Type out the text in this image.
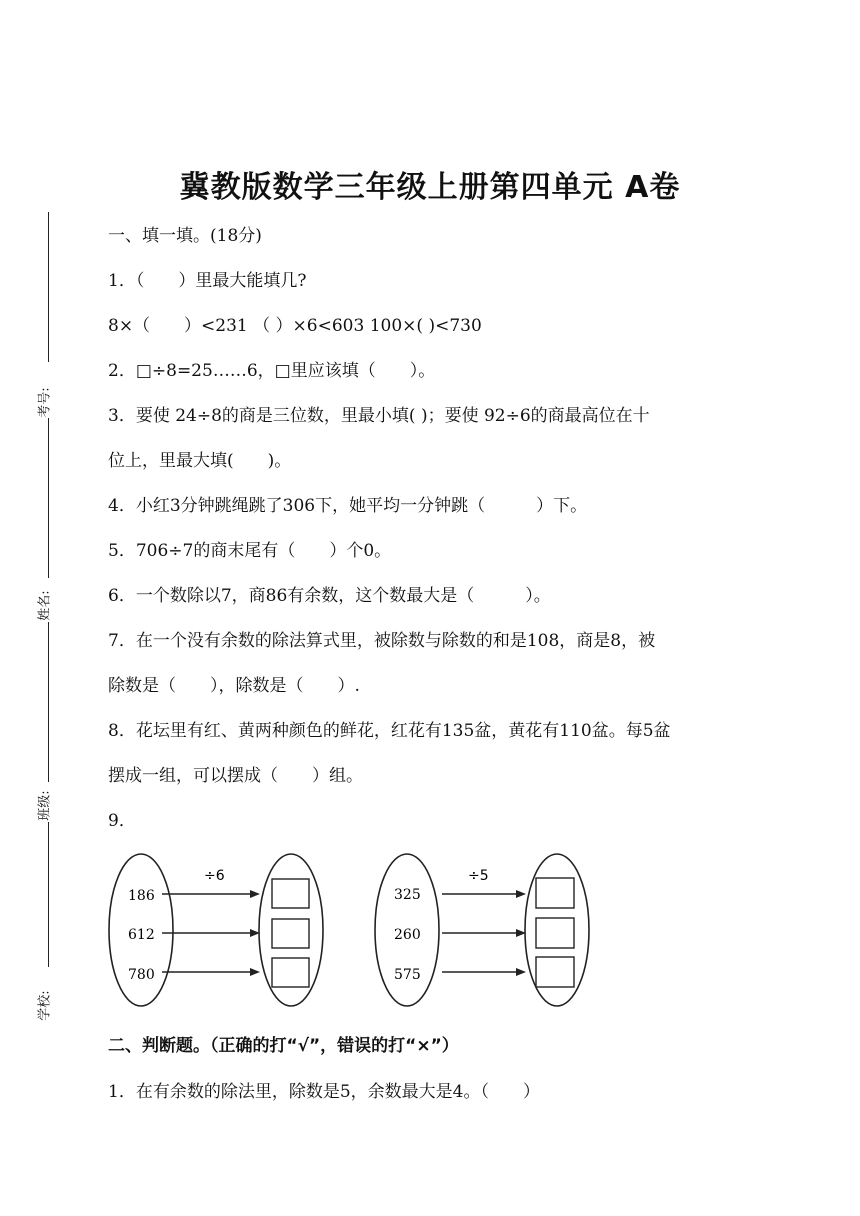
冀教版数学三年级上册第四单元 A卷
考号:
姓名:
班级:
学校:
一、填一填。(18分)
1．（　　）里最大能填几?
8×（　　）<231 （ ）×6<603 100×( )<730
2．□÷8=25……6，□里应该填（　　）。
3．要使 24÷8的商是三位数，里最小填( )；要使 92÷6的商最高位在十
位上，里最大填(　　)。
4．小红3分钟跳绳跳了306下，她平均一分钟跳（　　　）下。
5．706÷7的商末尾有（　　）个0。
6．一个数除以7，商86有余数，这个数最大是（　　　）。
7．在一个没有余数的除法算式里，被除数与除数的和是108，商是8，被
除数是（　　），除数是（　　）.
8．花坛里有红、黄两种颜色的鲜花，红花有135盆，黄花有110盆。每5盆
摆成一组，可以摆成（　　）组。
9．
÷6
186
612
780
÷5
325
260
575
二、判断题。（正确的打“√”，错误的打“×”）
1．在有余数的除法里，除数是5，余数最大是4。（　　）
